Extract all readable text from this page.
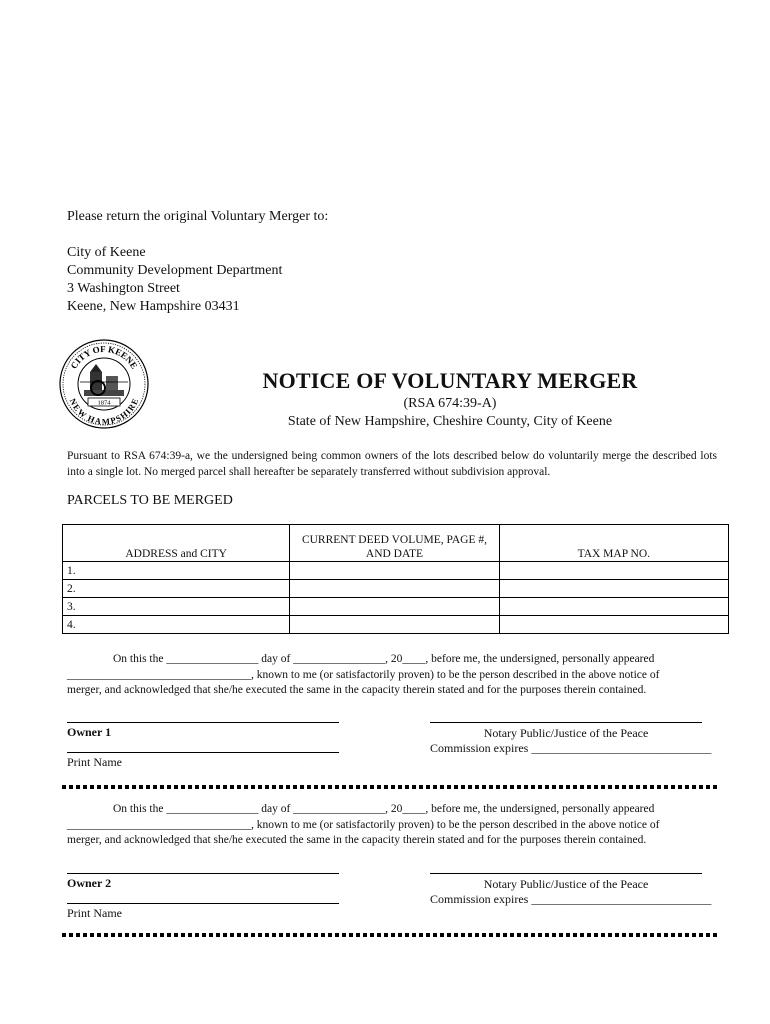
Please return the original Voluntary Merger to:
City of Keene
Community Development Department
3 Washington Street
Keene, New Hampshire 03431
CITY OF KEENE
NEW HAMPSHIRE
1874
NOTICE OF VOLUNTARY MERGER
(RSA 674:39-A)
State of New Hampshire, Cheshire County, City of Keene
Pursuant to RSA 674:39-a, we the undersigned being common owners of the lots described below do voluntarily merge the described lots into a single lot. No merged parcel shall hereafter be separately transferred without subdivision approval.
PARCELS TO BE MERGED
ADDRESS and CITY	CURRENT DEED VOLUME, PAGE #, AND DATE	TAX MAP NO.
1.		
2.		
3.		
4.		
On this the ________________ day of ________________, 20____, before me, the undersigned, personally appeared
________________________________, known to me (or satisfactorily proven) to be the person described in the above notice of
merger, and acknowledged that she/he executed the same in the capacity therein stated and for the purposes therein contained.
Owner 1
Print Name
Notary Public/Justice of the Peace
Commission expires ______________________________
On this the ________________ day of ________________, 20____, before me, the undersigned, personally appeared
________________________________, known to me (or satisfactorily proven) to be the person described in the above notice of
merger, and acknowledged that she/he executed the same in the capacity therein stated and for the purposes therein contained.
Owner 2
Print Name
Notary Public/Justice of the Peace
Commission expires ______________________________
